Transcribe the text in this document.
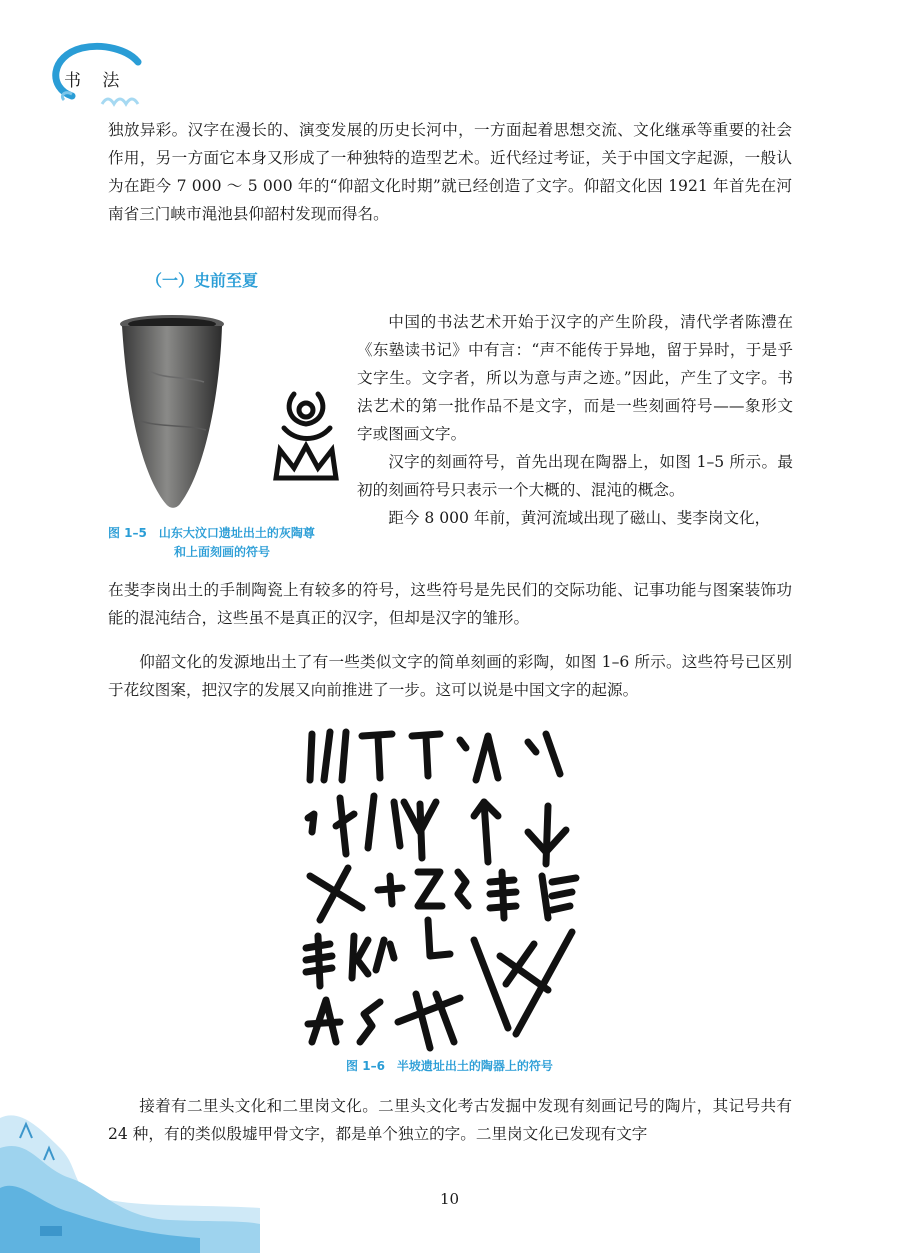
书 法
独放异彩。汉字在漫长的、演变发展的历史长河中，一方面起着思想交流、文化继承等重要的社会作用，另一方面它本身又形成了一种独特的造型艺术。近代经过考证，关于中国文字起源，一般认为在距今 7 000 ～ 5 000 年的“仰韶文化时期”就已经创造了文字。仰韶文化因 1921 年首先在河南省三门峡市渑池县仰韶村发现而得名。
（一）史前至夏
图 1–5　山东大汶口遗址出土的灰陶尊
和上面刻画的符号
中国的书法艺术开始于汉字的产生阶段，清代学者陈澧在《东塾读书记》中有言：“声不能传于异地，留于异时，于是乎文字生。文字者，所以为意与声之迹。”因此，产生了文字。书法艺术的第一批作品不是文字，而是一些刻画符号——象形文字或图画文字。
汉字的刻画符号，首先出现在陶器上，如图 1–5 所示。最初的刻画符号只表示一个大概的、混沌的概念。
距今 8 000 年前，黄河流域出现了磁山、斐李岗文化，
在斐李岗出土的手制陶瓷上有较多的符号，这些符号是先民们的交际功能、记事功能与图案装饰功能的混沌结合，这些虽不是真正的汉字，但却是汉字的雏形。
仰韶文化的发源地出土了有一些类似文字的简单刻画的彩陶，如图 1–6 所示。这些符号已区别于花纹图案，把汉字的发展又向前推进了一步。这可以说是中国文字的起源。
图 1–6　半坡遗址出土的陶器上的符号
接着有二里头文化和二里岗文化。二里头文化考古发掘中发现有刻画记号的陶片，其记号共有 24 种，有的类似殷墟甲骨文字，都是单个独立的字。二里岗文化已发现有文字
10
